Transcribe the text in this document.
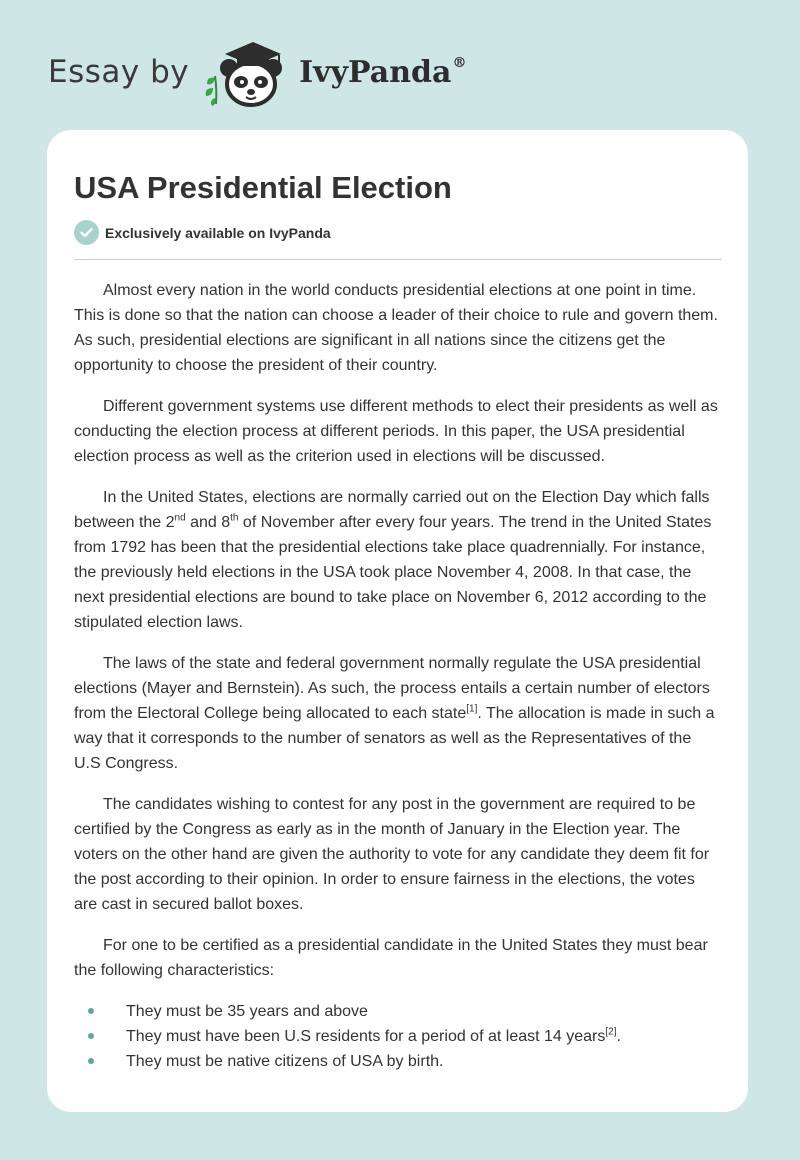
Essay by	IvyPanda®
USA Presidential Election
Exclusively available on IvyPanda

Almost every nation in the world conducts presidential elections at one point in time. This is done so that the nation can choose a leader of their choice to rule and govern them. As such, presidential elections are significant in all nations since the citizens get the opportunity to choose the president of their country.

Different government systems use different methods to elect their presidents as well as conducting the election process at different periods. In this paper, the USA presidential election process as well as the criterion used in elections will be discussed.

In the United States, elections are normally carried out on the Election Day which falls between the 2nd and 8th of November after every four years. The trend in the United States from 1792 has been that the presidential elections take place quadrennially. For instance, the previously held elections in the USA took place November 4, 2008. In that case, the next presidential elections are bound to take place on November 6, 2012 according to the stipulated election laws.

The laws of the state and federal government normally regulate the USA presidential elections (Mayer and Bernstein). As such, the process entails a certain number of electors from the Electoral College being allocated to each state[1]. The allocation is made in such a way that it corresponds to the number of senators as well as the Representatives of the U.S Congress.

The candidates wishing to contest for any post in the government are required to be certified by the Congress as early as in the month of January in the Election year. The voters on the other hand are given the authority to vote for any candidate they deem fit for the post according to their opinion. In order to ensure fairness in the elections, the votes are cast in secured ballot boxes.

For one to be certified as a presidential candidate in the United States they must bear the following characteristics:

They must be 35 years and above
They must have been U.S residents for a period of at least 14 years[2].
They must be native citizens of USA by birth.
